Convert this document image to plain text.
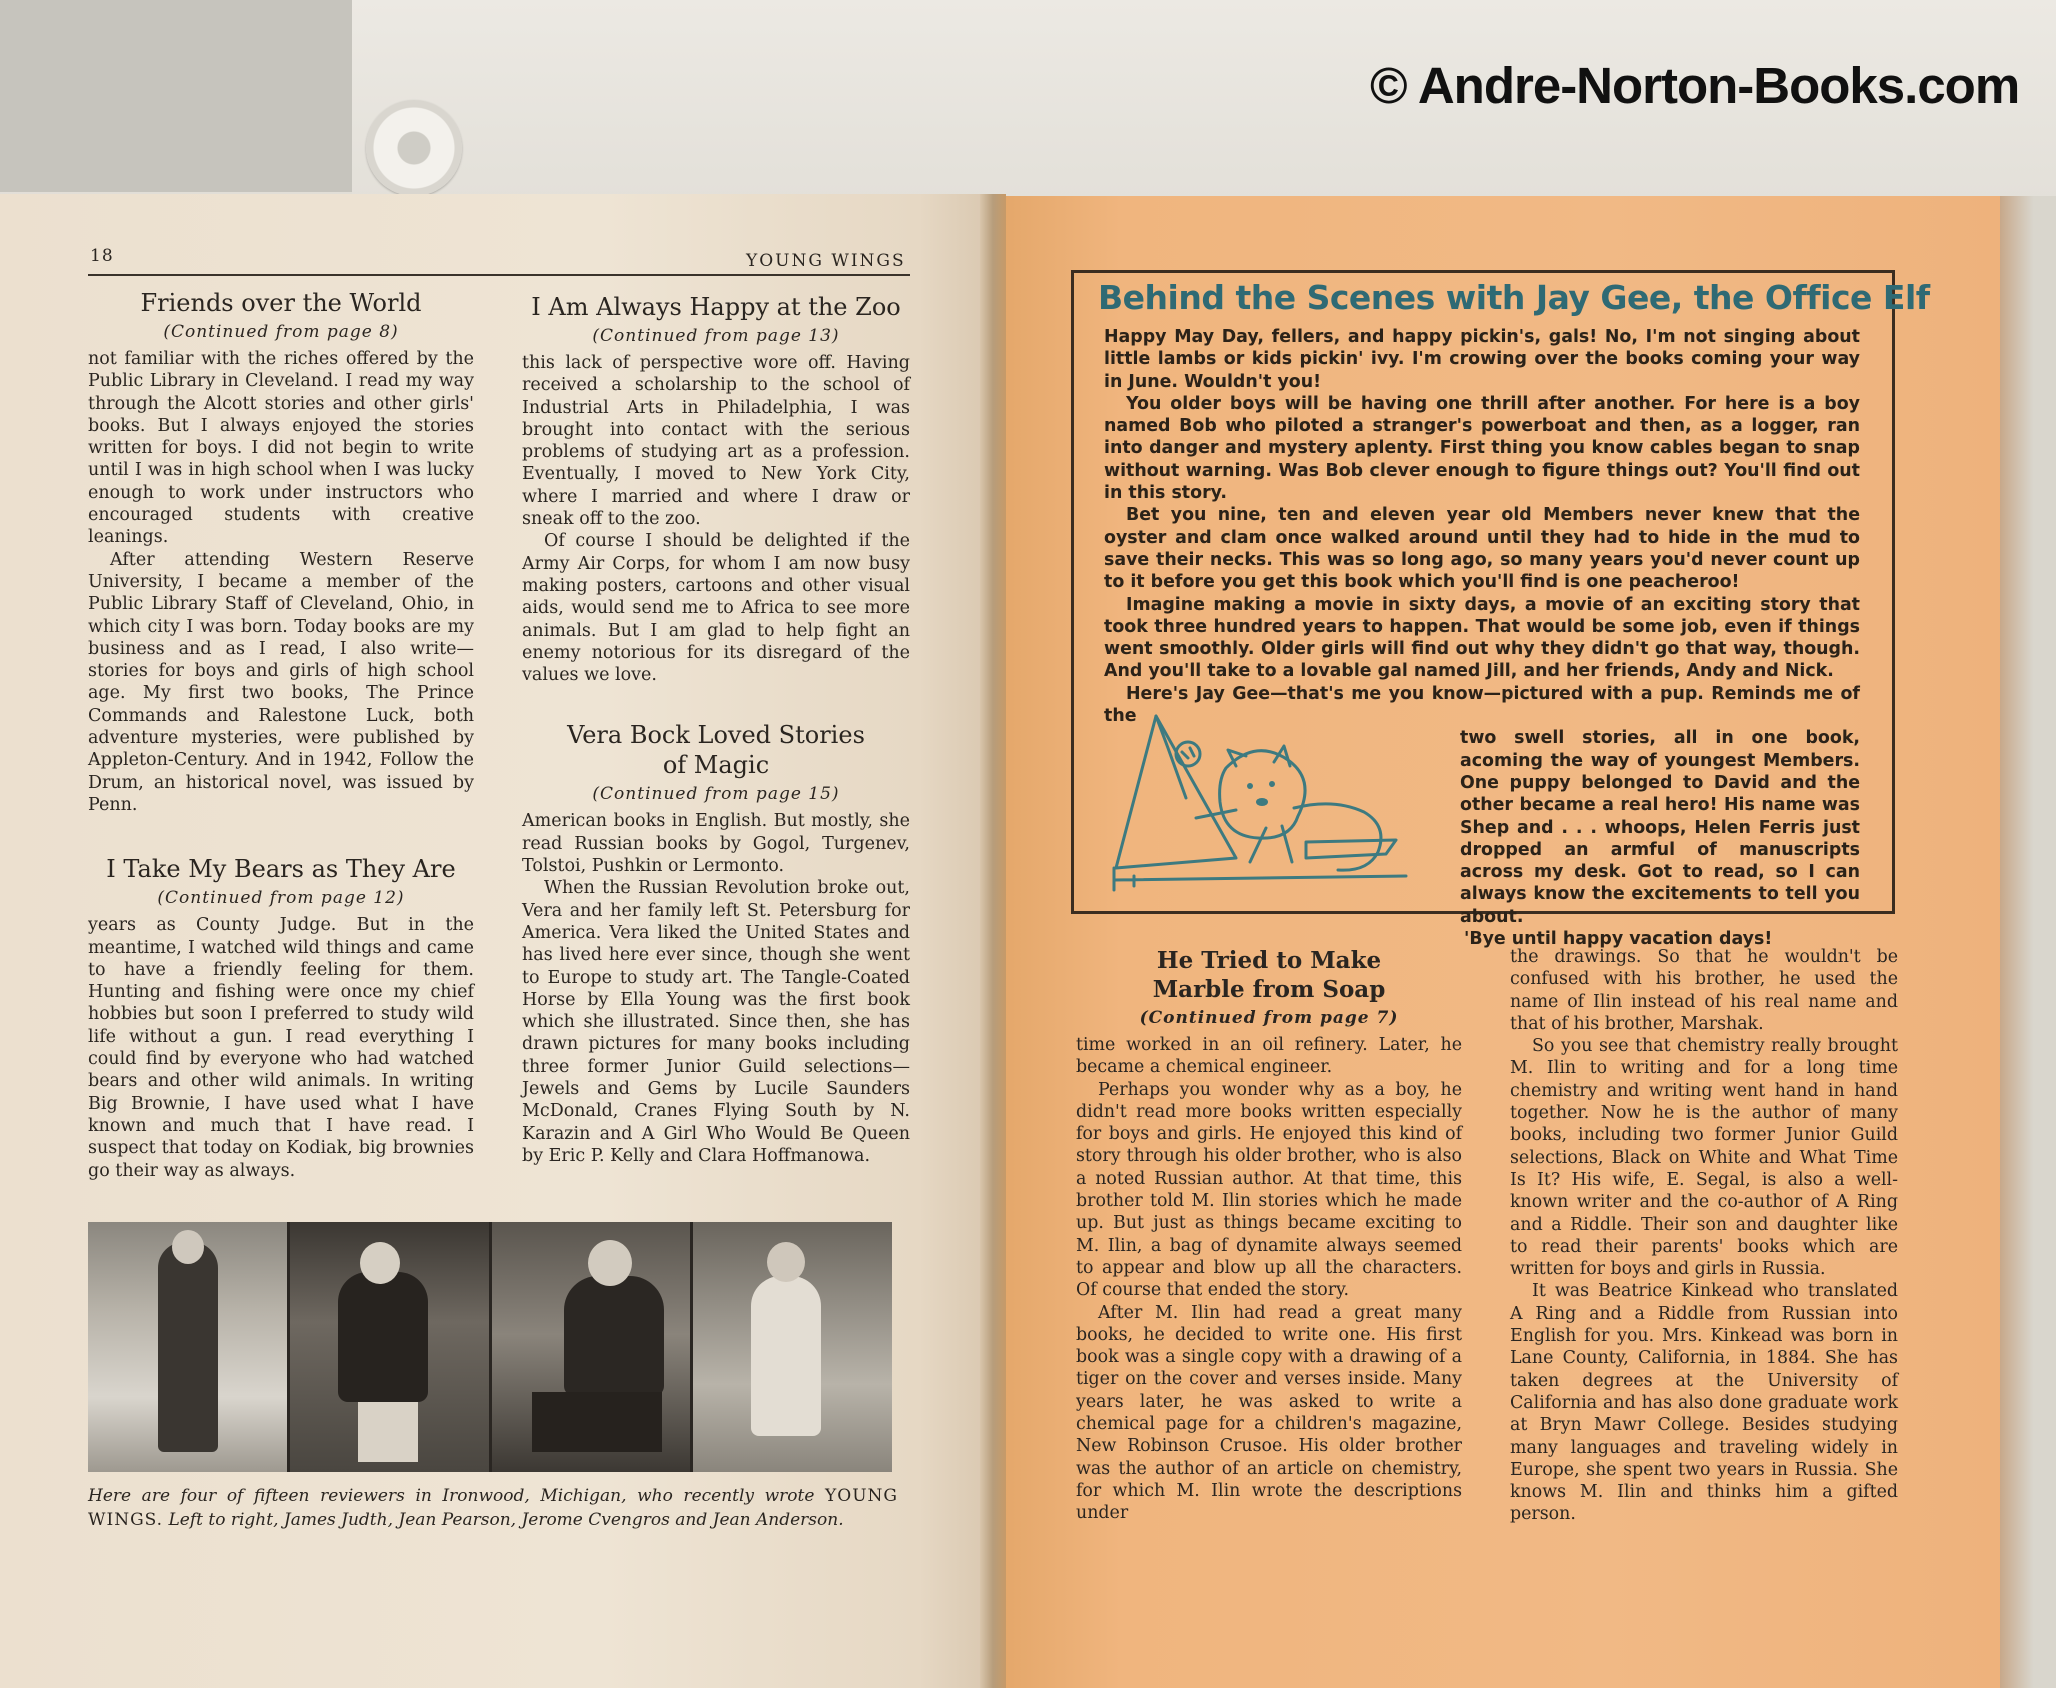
© Andre-Norton-Books.com
18	YOUNG WINGS
Friends over the World
(Continued from page 8)

not familiar with the riches offered by the Public Library in Cleveland. I read my way through the Alcott stories and other girls' books. But I always enjoyed the stories written for boys. I did not begin to write until I was in high school when I was lucky enough to work under instructors who encouraged students with creative leanings.

After attending Western Reserve University, I became a member of the Public Library Staff of Cleveland, Ohio, in which city I was born. Today books are my business and as I read, I also write—stories for boys and girls of high school age. My first two books, The Prince Commands and Ralestone Luck, both adventure mysteries, were published by Appleton-Century. And in 1942, Follow the Drum, an historical novel, was issued by Penn.

I Take My Bears as They Are
(Continued from page 12)

years as County Judge. But in the meantime, I watched wild things and came to have a friendly feeling for them. Hunting and fishing were once my chief hobbies but soon I preferred to study wild life without a gun. I read everything I could find by everyone who had watched bears and other wild animals. In writing Big Brownie, I have used what I have known and much that I have read. I suspect that today on Kodiak, big brownies go their way as always.

I Am Always Happy at the Zoo
(Continued from page 13)

this lack of perspective wore off. Having received a scholarship to the school of Industrial Arts in Philadelphia, I was brought into contact with the serious problems of studying art as a profession. Eventually, I moved to New York City, where I married and where I draw or sneak off to the zoo.

Of course I should be delighted if the Army Air Corps, for whom I am now busy making posters, cartoons and other visual aids, would send me to Africa to see more animals. But I am glad to help fight an enemy notorious for its disregard of the values we love.

Vera Bock Loved Stories of Magic
(Continued from page 15)

American books in English. But mostly, she read Russian books by Gogol, Turgenev, Tolstoi, Pushkin or Lermonto.

When the Russian Revolution broke out, Vera and her family left St. Petersburg for America. Vera liked the United States and has lived here ever since, though she went to Europe to study art. The Tangle-Coated Horse by Ella Young was the first book which she illustrated. Since then, she has drawn pictures for many books including three former Junior Guild selections—Jewels and Gems by Lucile Saunders McDonald, Cranes Flying South by N. Karazin and A Girl Who Would Be Queen by Eric P. Kelly and Clara Hoffmanowa.

Here are four of fifteen reviewers in Ironwood, Michigan, who recently wrote YOUNG WINGS. Left to right, James Judth, Jean Pearson, Jerome Cvengros and Jean Anderson.
Behind the Scenes with Jay Gee, the Office Elf

Happy May Day, fellers, and happy pickin's, gals! No, I'm not singing about little lambs or kids pickin' ivy. I'm crowing over the books coming your way in June. Wouldn't you!

You older boys will be having one thrill after another. For here is a boy named Bob who piloted a stranger's powerboat and then, as a logger, ran into danger and mystery aplenty. First thing you know cables began to snap without warning. Was Bob clever enough to figure things out? You'll find out in this story.

Bet you nine, ten and eleven year old Members never knew that the oyster and clam once walked around until they had to hide in the mud to save their necks. This was so long ago, so many years you'd never count up to it before you get this book which you'll find is one peacheroo!

Imagine making a movie in sixty days, a movie of an exciting story that took three hundred years to happen. That would be some job, even if things went smoothly. Older girls will find out why they didn't go that way, though. And you'll take to a lovable gal named Jill, and her friends, Andy and Nick.

Here's Jay Gee—that's me you know—pictured with a pup. Reminds me of the

two swell stories, all in one book, acoming the way of youngest Members. One puppy belonged to David and the other became a real hero! His name was Shep and . . . whoops, Helen Ferris just dropped an armful of manuscripts across my desk. Got to read, so I can always know the excitements to tell you about.

'Bye until happy vacation days!

He Tried to Make Marble from Soap
(Continued from page 7)

time worked in an oil refinery. Later, he became a chemical engineer.

Perhaps you wonder why as a boy, he didn't read more books written especially for boys and girls. He enjoyed this kind of story through his older brother, who is also a noted Russian author. At that time, this brother told M. Ilin stories which he made up. But just as things became exciting to M. Ilin, a bag of dynamite always seemed to appear and blow up all the characters. Of course that ended the story.

After M. Ilin had read a great many books, he decided to write one. His first book was a single copy with a drawing of a tiger on the cover and verses inside. Many years later, he was asked to write a chemical page for a children's magazine, New Robinson Crusoe. His older brother was the author of an article on chemistry, for which M. Ilin wrote the descriptions under

the drawings. So that he wouldn't be confused with his brother, he used the name of Ilin instead of his real name and that of his brother, Marshak.

So you see that chemistry really brought M. Ilin to writing and for a long time chemistry and writing went hand in hand together. Now he is the author of many books, including two former Junior Guild selections, Black on White and What Time Is It? His wife, E. Segal, is also a well-known writer and the co-author of A Ring and a Riddle. Their son and daughter like to read their parents' books which are written for boys and girls in Russia.

It was Beatrice Kinkead who translated A Ring and a Riddle from Russian into English for you. Mrs. Kinkead was born in Lane County, California, in 1884. She has taken degrees at the University of California and has also done graduate work at Bryn Mawr College. Besides studying many languages and traveling widely in Europe, she spent two years in Russia. She knows M. Ilin and thinks him a gifted person.
